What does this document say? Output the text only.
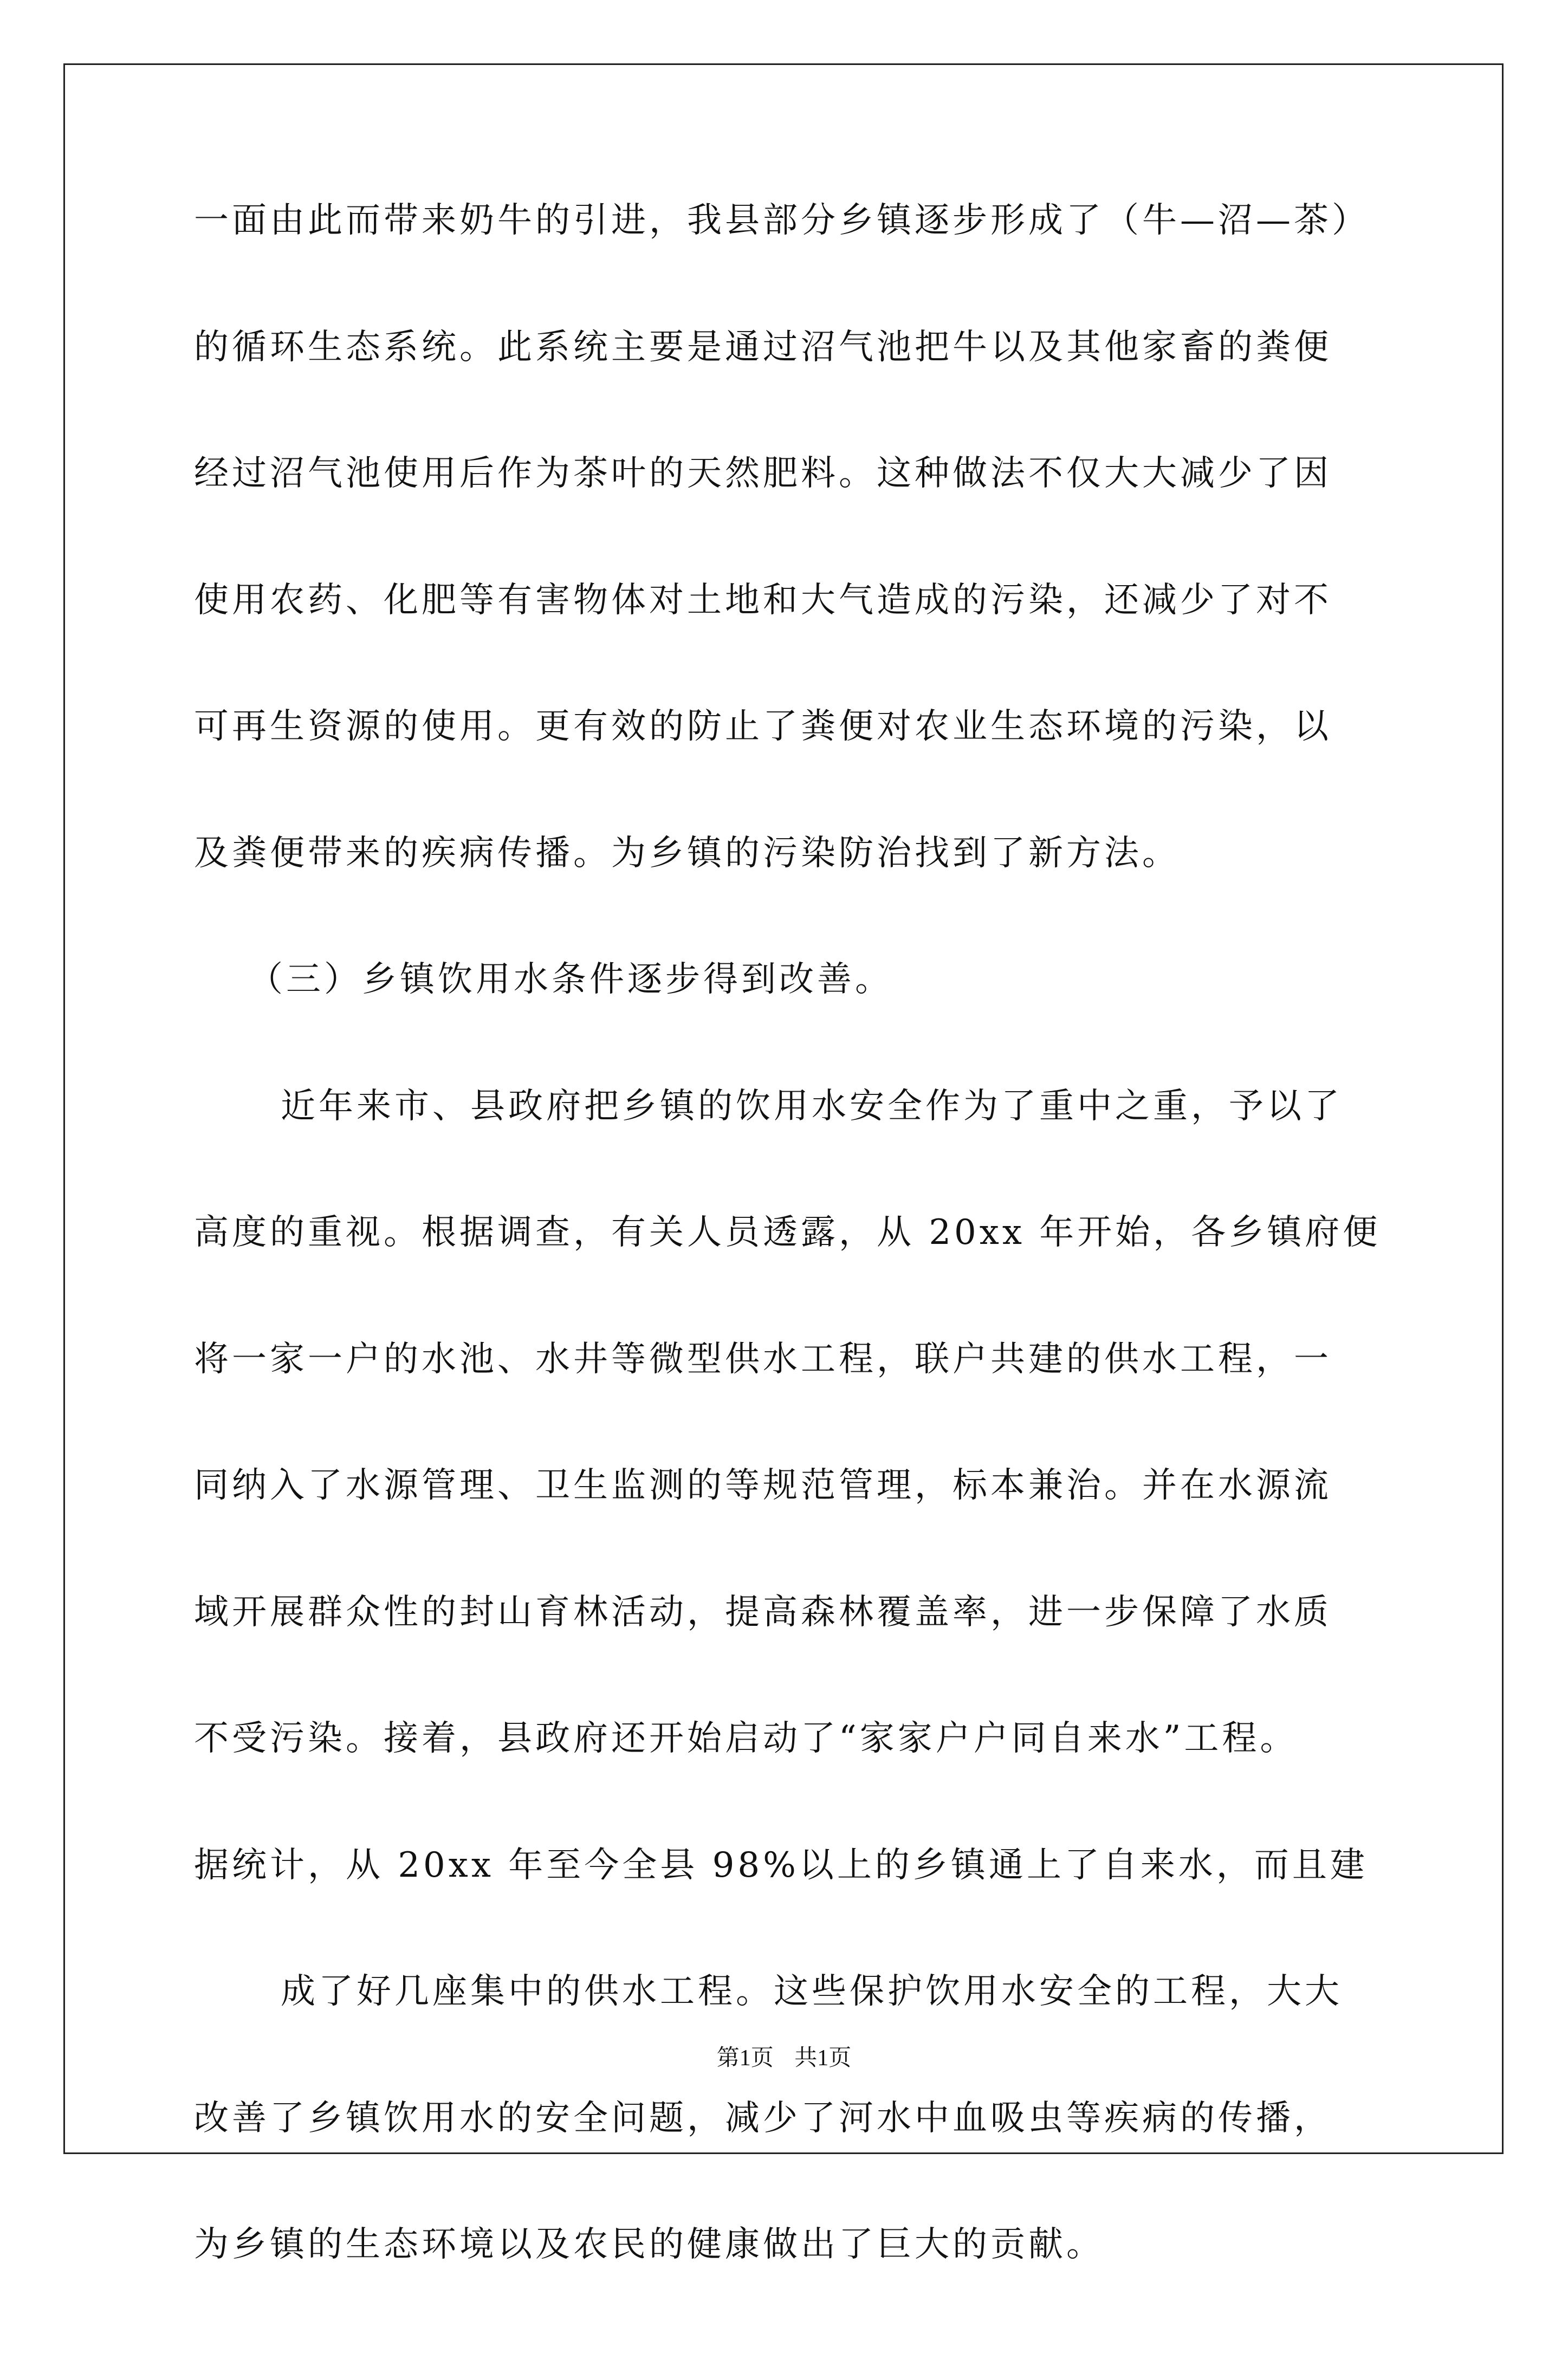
一面由此而带来奶牛的引进，我县部分乡镇逐步形成了（牛—沼—茶）
的循环生态系统。此系统主要是通过沼气池把牛以及其他家畜的粪便
经过沼气池使用后作为茶叶的天然肥料。这种做法不仅大大减少了因
使用农药、化肥等有害物体对土地和大气造成的污染，还减少了对不
可再生资源的使用。更有效的防止了粪便对农业生态环境的污染，以
及粪便带来的疾病传播。为乡镇的污染防治找到了新方法。
（三）乡镇饮用水条件逐步得到改善。
近年来市、县政府把乡镇的饮用水安全作为了重中之重，予以了
高度的重视。根据调查，有关人员透露，从 20xx 年开始，各乡镇府便
将一家一户的水池、水井等微型供水工程，联户共建的供水工程，一
同纳入了水源管理、卫生监测的等规范管理，标本兼治。并在水源流
域开展群众性的封山育林活动，提高森林覆盖率，进一步保障了水质
不受污染。接着，县政府还开始启动了“家家户户同自来水”工程。
据统计，从 20xx 年至今全县 98%以上的乡镇通上了自来水，而且建
成了好几座集中的供水工程。这些保护饮用水安全的工程，大大
改善了乡镇饮用水的安全问题，减少了河水中血吸虫等疾病的传播，
为乡镇的生态环境以及农民的健康做出了巨大的贡献。
第1页 共1页
